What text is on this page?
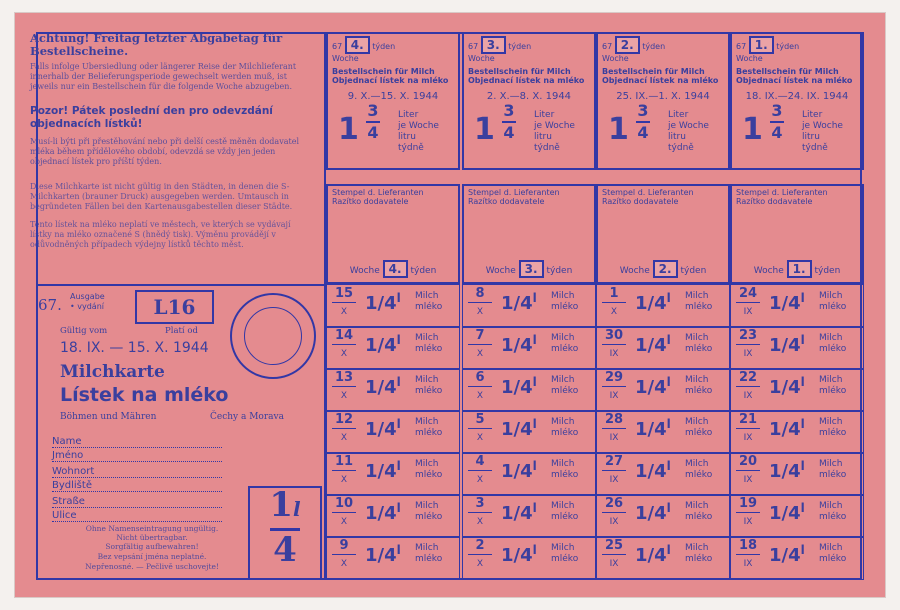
Achtung! Freitag letzter Abgabetag für Bestellscheine.
Falls infolge Übersiedlung oder längerer Reise der Milchlieferant innerhalb der Belieferungsperiode gewechselt werden muß, ist jeweils nur ein Bestellschein für die folgende Woche abzugeben.
Pozor! Pátek poslední den pro odevzdání objednacích lístků!
Musí-li býti při přestěhování nebo při delší cestě měněn dodavatel mléka během přídělového období, odevzdá se vždy jen jeden objednací lístek pro příští týden.
Diese Milchkarte ist nicht gültig in den Städten, in denen die S-Milchkarten (brauner Druck) ausgegeben werden. Umtausch in begründeten Fällen bei den Kartenausgabestellen dieser Städte.
Tento lístek na mléko neplatí ve městech, ve kterých se vydávají lístky na mléko označené S (hnědý tisk). Výměnu provádějí v odůvodněných případech výdejny lístků těchto měst.
67. Ausgabe
• vydání	L16
Gültig vom	Platí od
18. IX. — 15. X. 1944
Milchkarte
Lístek na mléko
Böhmen und Mähren	Čechy a Morava
Name
Jméno
Wohnort
Bydliště
Straße
Ulice
Ohne Namenseintragung ungültig.
Nicht übertragbar.
Sorgfältig aufbewahren!
Bez vepsání jména neplatné.
Nepřenosné. — Pečlivě uschovejte!
1l
4
67 4. týden
Woche
Bestellschein für Milch Objednací lístek na mléko
9. X.—15. X. 1944
1
3
4
Liter
je Woche
litru
týdně
Stempel d. Lieferanten
Razítko dodavatele
Woche 4. týden
15
X 1/4$^l$ Milch
mléko
14
X 1/4$^l$ Milch
mléko
13
X 1/4$^l$ Milch
mléko
12
X 1/4$^l$ Milch
mléko
11
X 1/4$^l$ Milch
mléko
10
X 1/4$^l$ Milch
mléko
9
X 1/4$^l$ Milch
mléko
67 3. týden
Woche
Bestellschein für Milch Objednací lístek na mléko
2. X.—8. X. 1944
1
3
4
Liter
je Woche
litru
týdně
Stempel d. Lieferanten
Razítko dodavatele
Woche 3. týden
8
X 1/4$^l$ Milch
mléko
7
X 1/4$^l$ Milch
mléko
6
X 1/4$^l$ Milch
mléko
5
X 1/4$^l$ Milch
mléko
4
X 1/4$^l$ Milch
mléko
3
X 1/4$^l$ Milch
mléko
2
X 1/4$^l$ Milch
mléko
67 2. týden
Woche
Bestellschein für Milch Objednací lístek na mléko
25. IX.—1. X. 1944
1
3
4
Liter
je Woche
litru
týdně
Stempel d. Lieferanten
Razítko dodavatele
Woche 2. týden
1
X 1/4$^l$ Milch
mléko
30
IX 1/4$^l$ Milch
mléko
29
IX 1/4$^l$ Milch
mléko
28
IX 1/4$^l$ Milch
mléko
27
IX 1/4$^l$ Milch
mléko
26
IX 1/4$^l$ Milch
mléko
25
IX 1/4$^l$ Milch
mléko
67 1. týden
Woche
Bestellschein für Milch Objednací lístek na mléko
18. IX.—24. IX. 1944
1
3
4
Liter
je Woche
litru
týdně
Stempel d. Lieferanten
Razítko dodavatele
Woche 1. týden
24
IX 1/4$^l$ Milch
mléko
23
IX 1/4$^l$ Milch
mléko
22
IX 1/4$^l$ Milch
mléko
21
IX 1/4$^l$ Milch
mléko
20
IX 1/4$^l$ Milch
mléko
19
IX 1/4$^l$ Milch
mléko
18
IX 1/4$^l$ Milch
mléko
